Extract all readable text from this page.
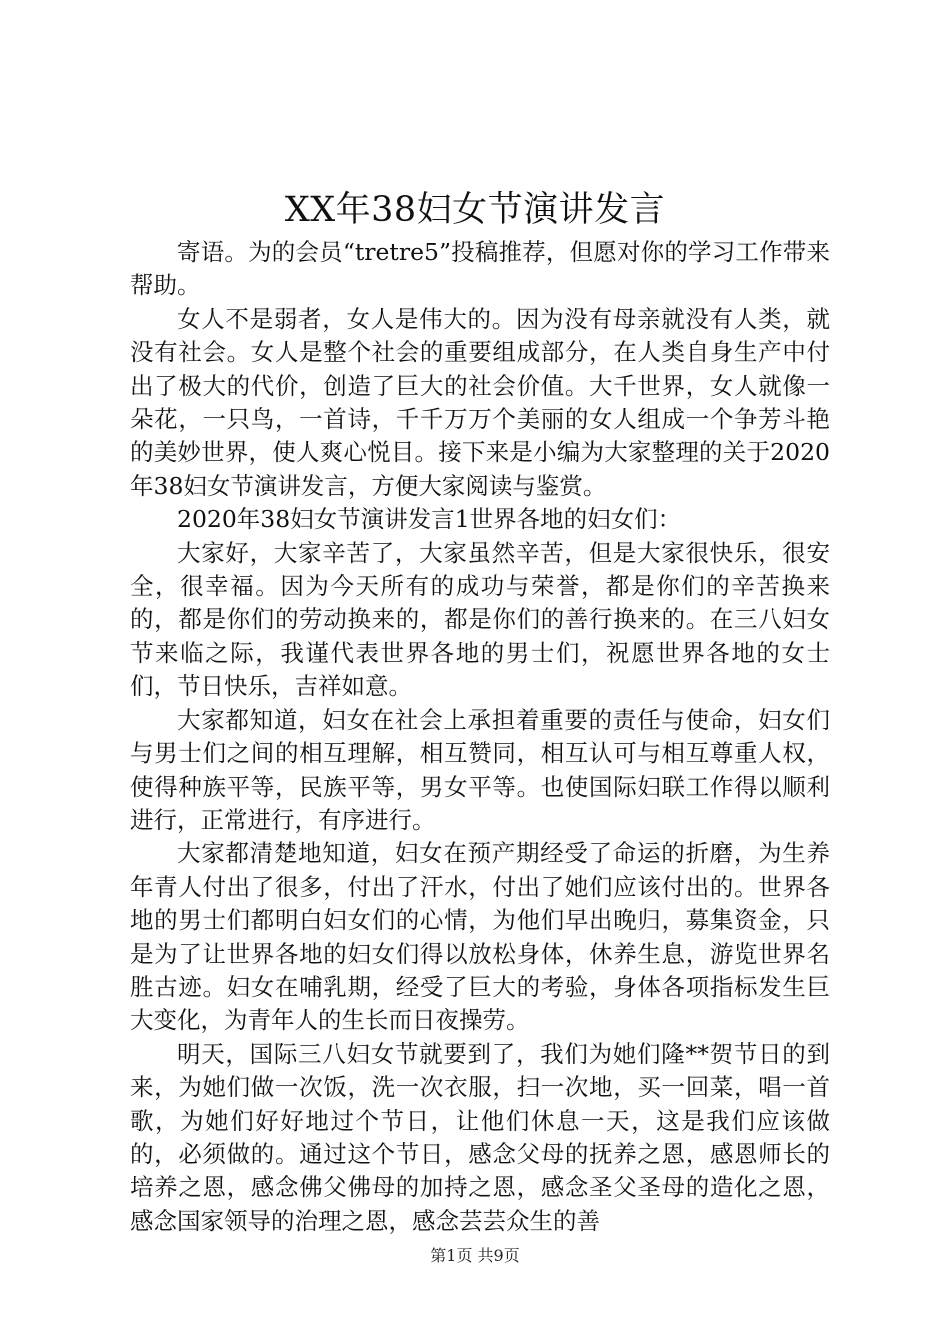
XX年38妇女节演讲发言

寄语。为的会员“tretre5”投稿推荐，但愿对你的学习工作带来帮助。

女人不是弱者，女人是伟大的。因为没有母亲就没有人类，就没有社会。女人是整个社会的重要组成部分，在人类自身生产中付出了极大的代价，创造了巨大的社会价值。大千世界，女人就像一朵花，一只鸟，一首诗，千千万万个美丽的女人组成一个争芳斗艳的美妙世界，使人爽心悦目。接下来是小编为大家整理的关于2020年38妇女节演讲发言，方便大家阅读与鉴赏。

2020年38妇女节演讲发言1世界各地的妇女们：

大家好，大家辛苦了，大家虽然辛苦，但是大家很快乐，很安全，很幸福。因为今天所有的成功与荣誉，都是你们的辛苦换来的，都是你们的劳动换来的，都是你们的善行换来的。在三八妇女节来临之际，我谨代表世界各地的男士们，祝愿世界各地的女士们，节日快乐，吉祥如意。

大家都知道，妇女在社会上承担着重要的责任与使命，妇女们与男士们之间的相互理解，相互赞同，相互认可与相互尊重人权，使得种族平等，民族平等，男女平等。也使国际妇联工作得以顺利进行，正常进行，有序进行。

大家都清楚地知道，妇女在预产期经受了命运的折磨，为生养年青人付出了很多，付出了汗水，付出了她们应该付出的。世界各地的男士们都明白妇女们的心情，为他们早出晚归，募集资金，只是为了让世界各地的妇女们得以放松身体，休养生息，游览世界名胜古迹。妇女在哺乳期，经受了巨大的考验，身体各项指标发生巨大变化，为青年人的生长而日夜操劳。

明天，国际三八妇女节就要到了，我们为她们隆**贺节日的到来，为她们做一次饭，洗一次衣服，扫一次地，买一回菜，唱一首歌，为她们好好地过个节日，让他们休息一天，这是我们应该做的，必须做的。通过这个节日，感念父母的抚养之恩，感恩师长的培养之恩，感念佛父佛母的加持之恩，感念圣父圣母的造化之恩，感念国家领导的治理之恩，感念芸芸众生的善

第1页 共9页
